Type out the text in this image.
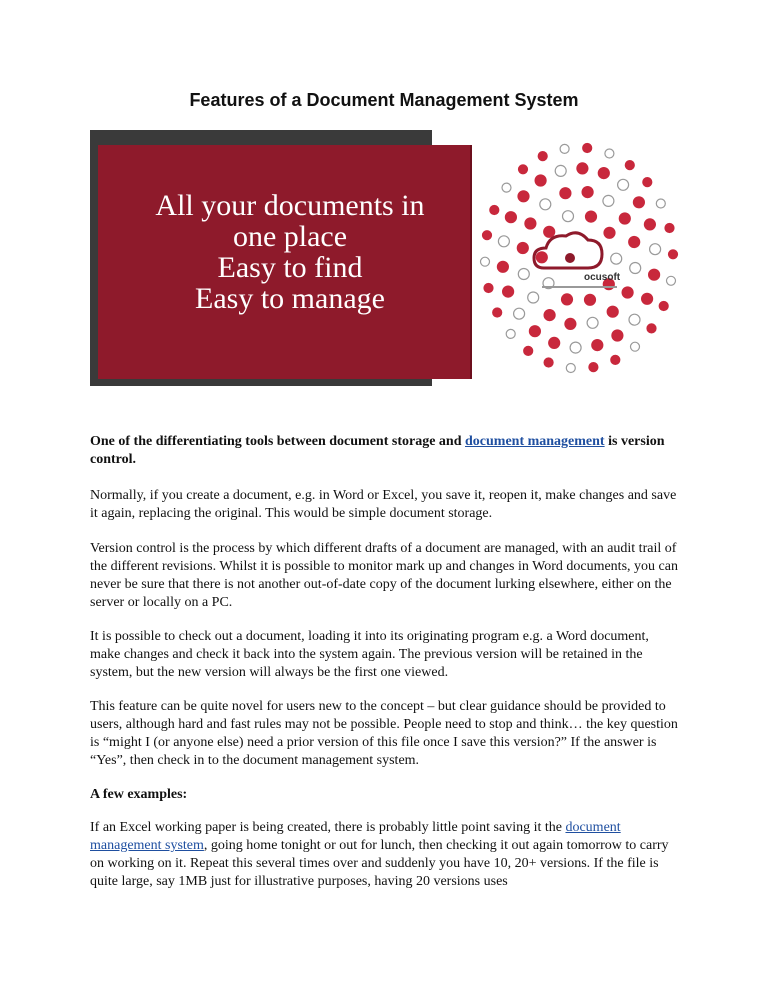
Features of a Document Management System
All your documents in
one place
Easy to find
Easy to manage
ocusoft
One of the differentiating tools between document storage and document management is version control.
Normally, if you create a document, e.g. in Word or Excel, you save it, reopen it, make changes and save it again, replacing the original. This would be simple document storage.
Version control is the process by which different drafts of a document are managed, with an audit trail of the different revisions. Whilst it is possible to monitor mark up and changes in Word documents, you can never be sure that there is not another out-of-date copy of the document lurking elsewhere, either on the server or locally on a PC.
It is possible to check out a document, loading it into its originating program e.g. a Word document, make changes and check it back into the system again. The previous version will be retained in the system, but the new version will always be the first one viewed.
This feature can be quite novel for users new to the concept – but clear guidance should be provided to users, although hard and fast rules may not be possible. People need to stop and think… the key question is “might I (or anyone else) need a prior version of this file once I save this version?” If the answer is “Yes”, then check in to the document management system.
A few examples:
If an Excel working paper is being created, there is probably little point saving it the document management system, going home tonight or out for lunch, then checking it out again tomorrow to carry on working on it. Repeat this several times over and suddenly you have 10, 20+ versions. If the file is quite large, say 1MB just for illustrative purposes, having 20 versions uses
